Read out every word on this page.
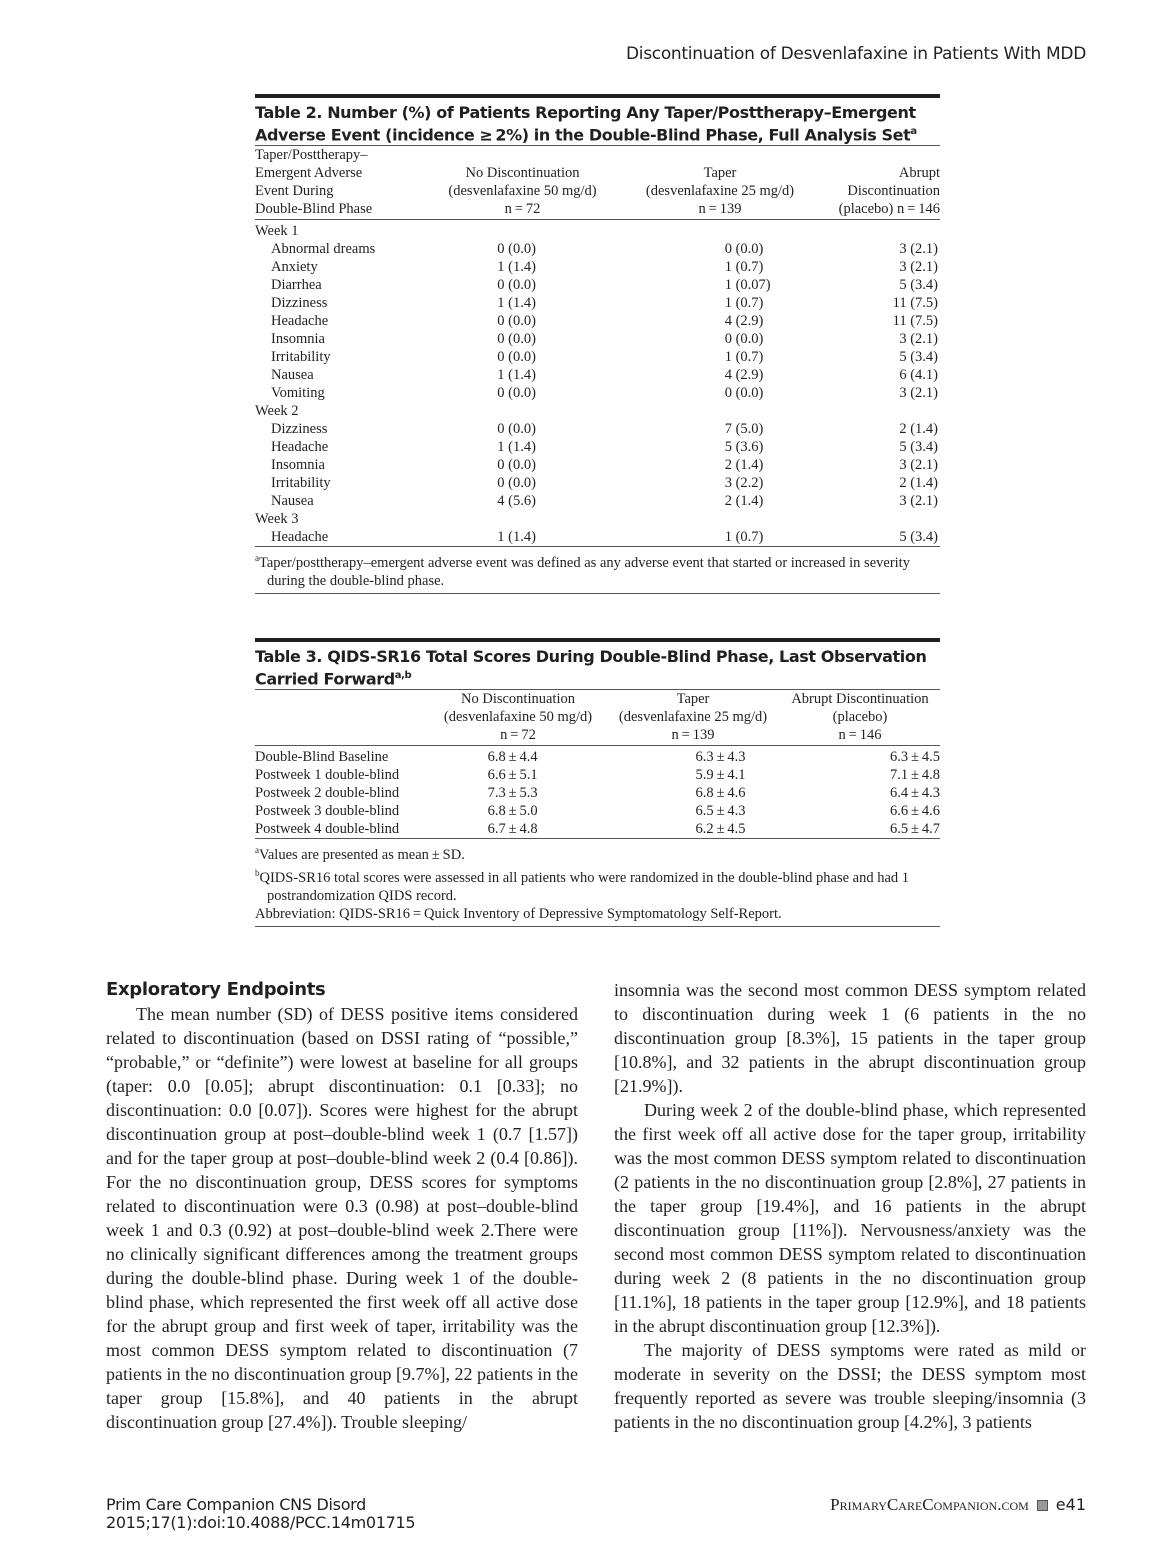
Discontinuation of Desvenlafaxine in Patients With MDD
Table 2. Number (%) of Patients Reporting Any Taper/Posttherapy–Emergent Adverse Event (incidence ≥ 2%) in the Double-Blind Phase, Full Analysis Set$^a$
Taper/Posttherapy–			
Emergent Adverse	No Discontinuation	Taper	Abrupt
Event During	(desvenlafaxine 50 mg/d)	(desvenlafaxine 25 mg/d)	Discontinuation
Double-Blind Phase	n = 72	n = 139	(placebo) n = 146
Week 1			
Abnormal dreams	0 (0.0)	0 (0.0)	3 (2.1)
Anxiety	1 (1.4)	1 (0.7)	3 (2.1)
Diarrhea	0 (0.0)	1 (0.07)	5 (3.4)
Dizziness	1 (1.4)	1 (0.7)	11 (7.5)
Headache	0 (0.0)	4 (2.9)	11 (7.5)
Insomnia	0 (0.0)	0 (0.0)	3 (2.1)
Irritability	0 (0.0)	1 (0.7)	5 (3.4)
Nausea	1 (1.4)	4 (2.9)	6 (4.1)
Vomiting	0 (0.0)	0 (0.0)	3 (2.1)
Week 2			
Dizziness	0 (0.0)	7 (5.0)	2 (1.4)
Headache	1 (1.4)	5 (3.6)	5 (3.4)
Insomnia	0 (0.0)	2 (1.4)	3 (2.1)
Irritability	0 (0.0)	3 (2.2)	2 (1.4)
Nausea	4 (5.6)	2 (1.4)	3 (2.1)
Week 3			
Headache	1 (1.4)	1 (0.7)	5 (3.4)
$^a$Taper/posttherapy–emergent adverse event was defined as any adverse event that started or increased in severity during the double-blind phase.
Table 3. QIDS-SR16 Total Scores During Double-Blind Phase, Last Observation Carried Forward$^{a,b}$
	No Discontinuation	Taper	Abrupt Discontinuation
	(desvenlafaxine 50 mg/d)	(desvenlafaxine 25 mg/d)	(placebo)
	n = 72	n = 139	n = 146
Double-Blind Baseline	6.8 ± 4.4	6.3 ± 4.3	6.3 ± 4.5
Postweek 1 double-blind	6.6 ± 5.1	5.9 ± 4.1	7.1 ± 4.8
Postweek 2 double-blind	7.3 ± 5.3	6.8 ± 4.6	6.4 ± 4.3
Postweek 3 double-blind	6.8 ± 5.0	6.5 ± 4.3	6.6 ± 4.6
Postweek 4 double-blind	6.7 ± 4.8	6.2 ± 4.5	6.5 ± 4.7
$^a$Values are presented as mean ± SD.
$^b$QIDS-SR16 total scores were assessed in all patients who were randomized in the double-blind phase and had 1 postrandomization QIDS record.
Abbreviation: QIDS-SR16 = Quick Inventory of Depressive Symptomatology Self-Report.
Exploratory Endpoints

The mean number (SD) of DESS positive items considered related to discontinuation (based on DSSI rating of “possible,” “probable,” or “definite”) were lowest at baseline for all groups (taper: 0.0 [0.05]; abrupt discontinuation: 0.1 [0.33]; no discontinuation: 0.0 [0.07]). Scores were highest for the abrupt discontinuation group at post–double-blind week 1 (0.7 [1.57]) and for the taper group at post–double-blind week 2 (0.4 [0.86]). For the no discontinuation group, DESS scores for symptoms related to discontinuation were 0.3 (0.98) at post–double-blind week 1 and 0.3 (0.92) at post–double-blind week 2.There were no clinically significant differences among the treatment groups during the double-blind phase. During week 1 of the double-blind phase, which represented the first week off all active dose for the abrupt group and first week of taper, irritability was the most common DESS symptom related to discontinuation (7 patients in the no discontinuation group [9.7%], 22 patients in the taper group [15.8%], and 40 patients in the abrupt discontinuation group [27.4%]). Trouble sleeping/

insomnia was the second most common DESS symptom related to discontinuation during week 1 (6 patients in the no discontinuation group [8.3%], 15 patients in the taper group [10.8%], and 32 patients in the abrupt discontinuation group [21.9%]).

During week 2 of the double-blind phase, which represented the first week off all active dose for the taper group, irritability was the most common DESS symptom related to discontinuation (2 patients in the no discontinuation group [2.8%], 27 patients in the taper group [19.4%], and 16 patients in the abrupt discontinuation group [11%]). Nervousness/anxiety was the second most common DESS symptom related to discontinuation during week 2 (8 patients in the no discontinuation group [11.1%], 18 patients in the taper group [12.9%], and 18 patients in the abrupt discontinuation group [12.3%]).

The majority of DESS symptoms were rated as mild or moderate in severity on the DSSI; the DESS symptom most frequently reported as severe was trouble sleeping/insomnia (3 patients in the no discontinuation group [4.2%], 3 patients

Prim Care Companion CNS Disord
2015;17(1):doi:10.4088/PCC.14m01715
PrimaryCareCompanion.com e41
